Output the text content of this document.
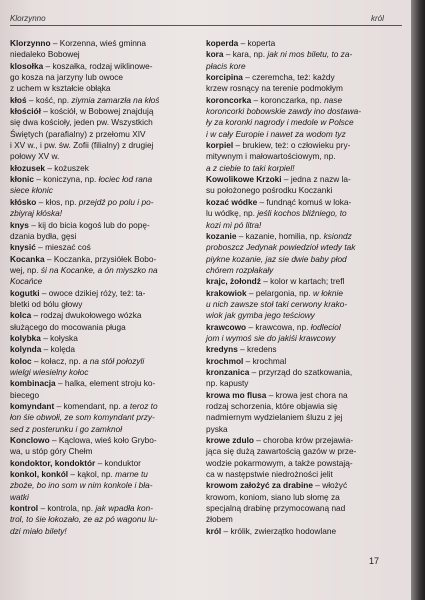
Klorzynno	król
Klorzynno – Korzenna, wieś gminna
niedaleko Bobowej
klosołka – koszałka, rodzaj wiklinowe-
go kosza na jarzyny lub owoce
z uchem w kształcie obłąka
kłoś – kość, np. ziymia zamarzła na kłoś
kłościół – kościół, w Bobowej znajdują
się dwa kościoły, jeden pw. Wszystkich
Świętych (parafialny) z przełomu XIV
i XV w., i pw. św. Zofii (filialny) z drugiej
połowy XV w.
kłozusek – kożuszek
kłonic – koniczyna, np. łociec łod rana
siece kłonic
kłósko – kłos, np. przejdź po polu i po-
zbiyraj kłóska!
knys – kij do bicia kogoś lub do popę-
dzania bydła, gęsi
knysić – mieszać coś
Kocanka – Koczanka, przysiółek Bobo-
wej, np. śi na Kocanke, a ón miyszko na
Kocańce
kogutki – owoce dzikiej róży, też: ta-
bletki od bólu głowy
kolca – rodzaj dwukołowego wózka
służącego do mocowania pługa
kolybka – kołyska
kolynda – kolęda
koloc – kołacz, np. a na stół połozyli
wielgi wiesielny kołoc
kombinacja – halka, element stroju ko-
biecego
komyndant – komendant, np. a teroz to
łon śie obwołi, ze som komyndant przy-
sed z posterunku i go zamknoł
Konclowo – Kąclowa, wieś koło Grybo-
wa, u stóp góry Chełm
kondoktor, kondoktór – konduktor
konkol, konkól – kąkol, np. marne tu
zboże, bo ino som w nim konkole i bła-
watki
kontrol – kontrola, np. jak wpadła kon-
trol, to śie łokozało, ze az pó wagonu lu-
dzi miało bilety!
koperda – koperta
kora – kara, np. jak ni mos biletu, to za-
płacis kore
korcipina – czeremcha, też: każdy
krzew rosnący na terenie podmokłym
koroncorka – koronczarka, np. nase
koroncorki bobowskie zawdy ino dostawa-
ły za koronki nagrody i medole w Polsce
i w cały Europie i nawet za wodom tyz
korpiel – brukiew, też: o człowieku pry-
mitywnym i małowartościowym, np.
a z ciebie to taki korpiel!
Kowolikowe Krzoki – jedna z nazw la-
su położonego pośrodku Koczanki
kozać wódke – fundnąć komuś w loka-
lu wódkę, np. jeśli kochos bliźniego, to
kozi mi pó litra!
kozanie – kazanie, homilia, np. ksiondz
proboszcz Jedynak powiedzioł wtedy tak
piykne kozanie, jaz sie dwie baby płod
chórem rozpłakały
krajc, żołondź – kolor w kartach; trefl
krakowiok – pelargonia, np. w łoknie
u nich zawsze stoł taki cerwony krako-
wiok jak gymba jego teściowy
krawcowo – krawcowa, np. łodleciol
jom i wymoś sie do jakiśi krawcowy
kredyns – kredens
krochmol – krochmal
kronzanica – przyrząd do szatkowania,
np. kapusty
krowa mo flusa – krowa jest chora na
rodzaj schorzenia, które objawia się
nadmiernym wydzielaniem śluzu z jej
pyska
krowe zdulo – choroba krów przejawia-
jąca się dużą zawartością gazów w prze-
wodzie pokarmowym, a także powstają-
ca w następstwie niedrożności jelit
krowom założyć za drabine – włożyć
krowom, koniom, siano lub słomę za
specjalną drabinę przymocowaną nad
żłobem
król – królik, zwierzątko hodowlane
17
